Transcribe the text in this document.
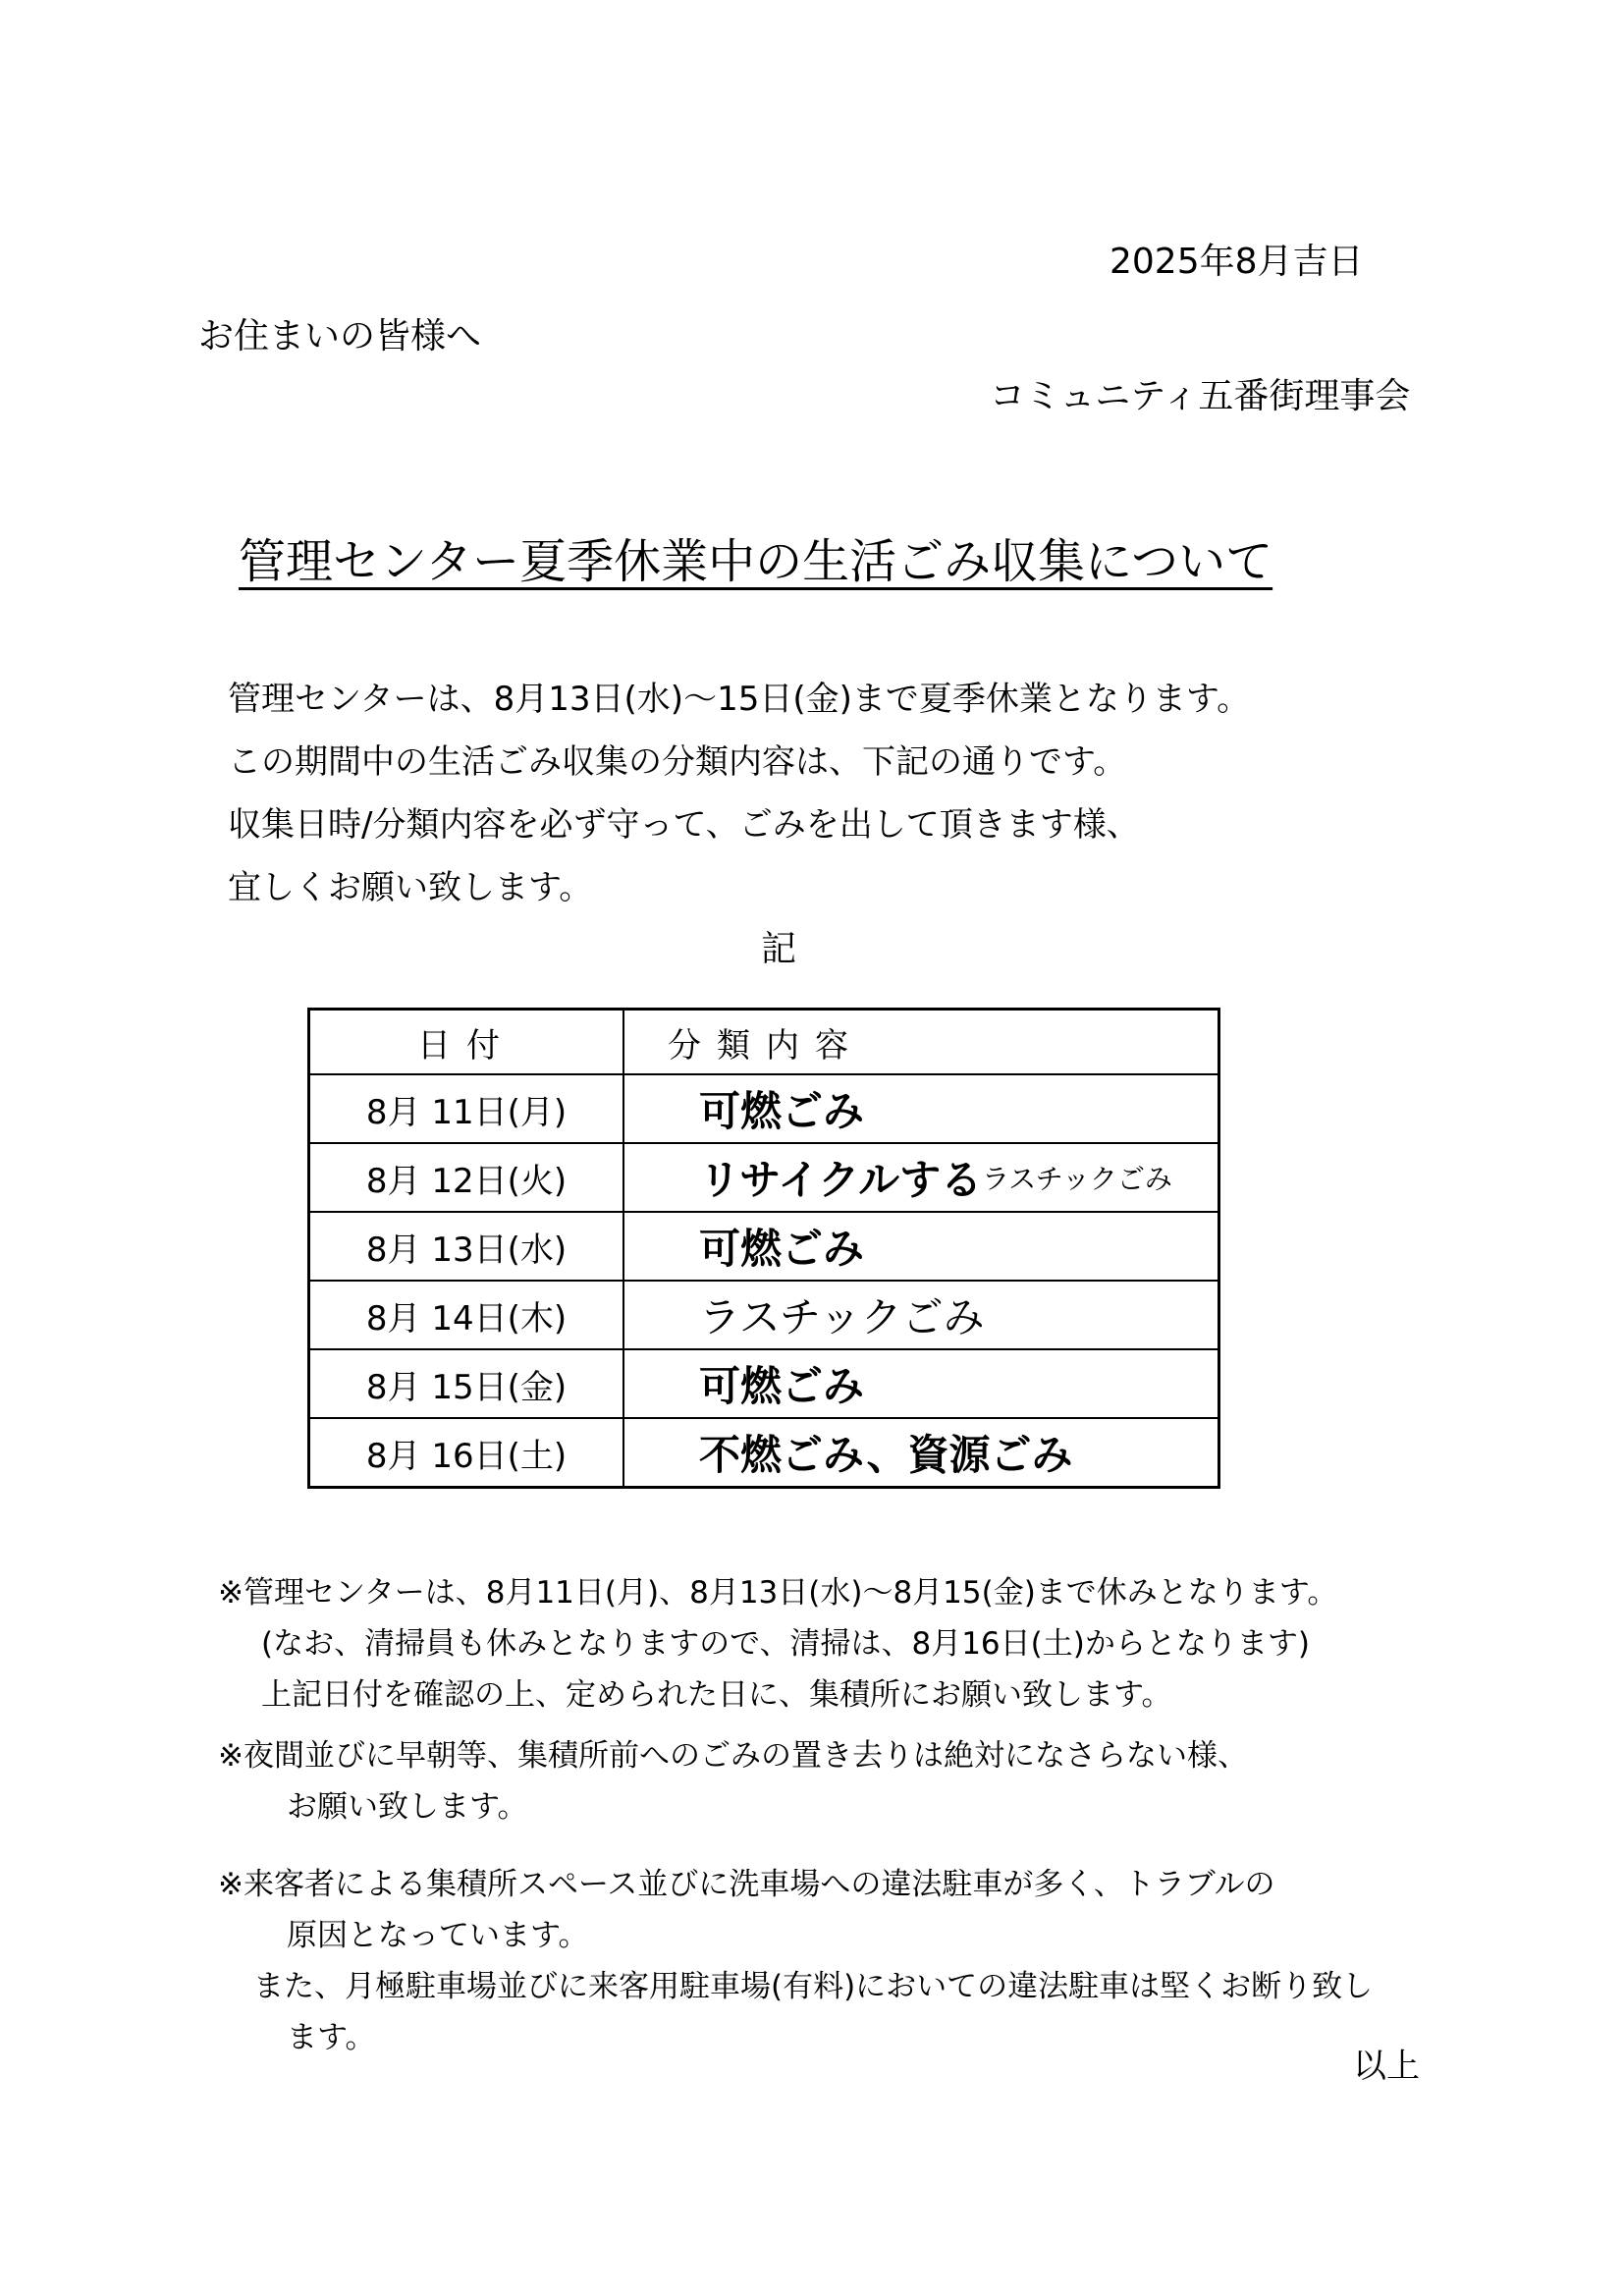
2025年8月吉日
お住まいの皆様へ
コミュニティ五番街理事会
管理センター夏季休業中の生活ごみ収集について
管理センターは、8月13日(水)～15日(金)まで夏季休業となります。
この期間中の生活ごみ収集の分類内容は、下記の通りです。
収集日時/分類内容を必ず守って、ごみを出して頂きます様、
宜しくお願い致します。
記
日付	分類内容
8月 11日(月)	可燃ごみ
8月 12日(火)	リサイクルする ラスチックごみ
8月 13日(水)	可燃ごみ
8月 14日(木)	ラスチックごみ
8月 15日(金)	可燃ごみ
8月 16日(土)	不燃ごみ、資源ごみ
※管理センターは、8月11日(月)、8月13日(水)～8月15(金)まで休みとなります。
(なお、清掃員も休みとなりますので、清掃は、8月16日(土)からとなります)
上記日付を確認の上、定められた日に、集積所にお願い致します。
※夜間並びに早朝等、集積所前へのごみの置き去りは絶対になさらない様、
お願い致します。
※来客者による集積所スペース並びに洗車場への違法駐車が多く、トラブルの
原因となっています。
また、月極駐車場並びに来客用駐車場(有料)においての違法駐車は堅くお断り致し
ます。
以上
